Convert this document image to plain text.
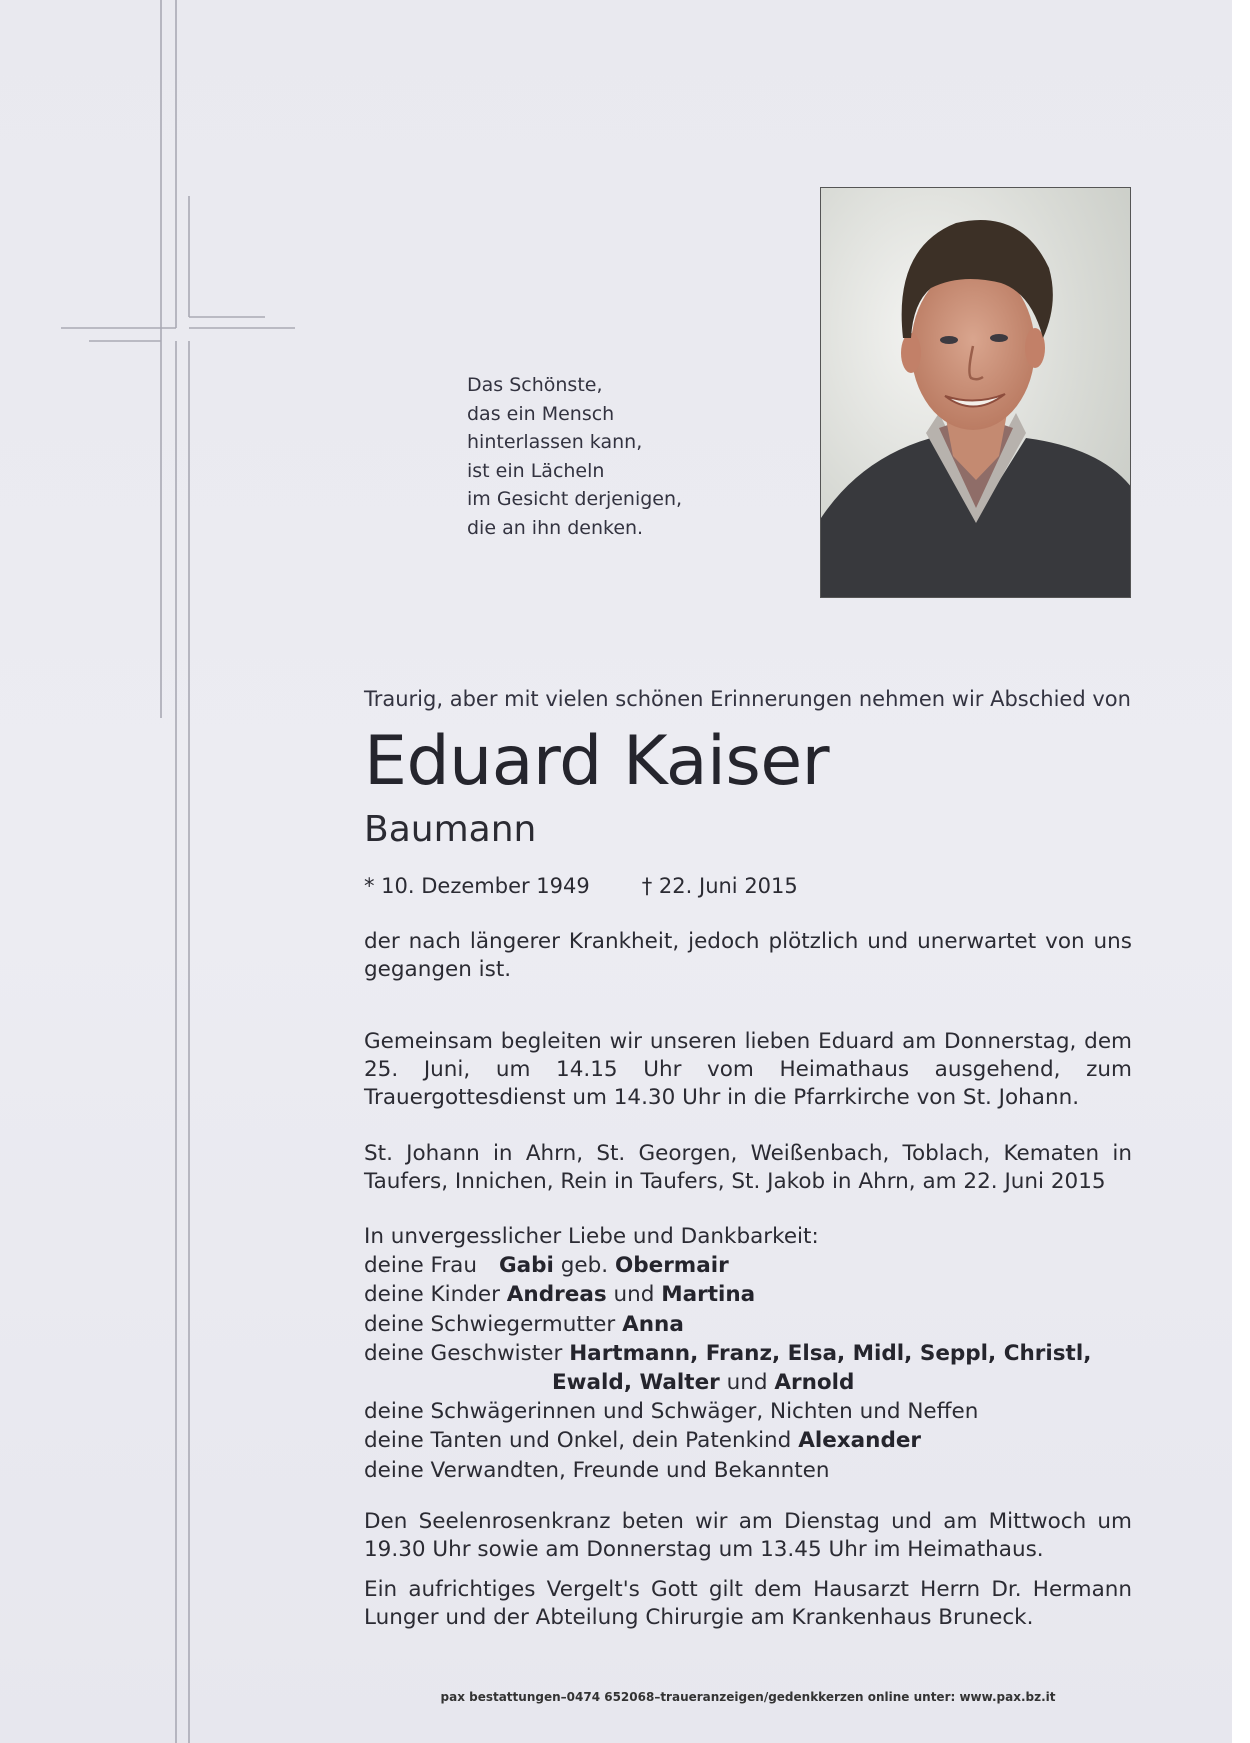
Das Schönste,
das ein Mensch
hinterlassen kann,
ist ein Lächeln
im Gesicht derjenigen,
die an ihn denken.
Traurig, aber mit vielen schönen Erinnerungen nehmen wir Abschied von
Eduard Kaiser
Baumann
* 10. Dezember 1949 † 22. Juni 2015
der nach längerer Krankheit, jedoch plötzlich und unerwartet von uns gegangen ist.
Gemeinsam begleiten wir unseren lieben Eduard am Donnerstag, dem 25. Juni, um 14.15 Uhr vom Heimathaus ausgehend, zum Trauergottesdienst um 14.30 Uhr in die Pfarrkirche von St. Johann.
St. Johann in Ahrn, St. Georgen, Weißenbach, Toblach, Kematen in Taufers, Innichen, Rein in Taufers, St. Jakob in Ahrn, am 22. Juni 2015
In unvergesslicher Liebe und Dankbarkeit:
deine Frau Gabi geb. Obermair
deine Kinder Andreas und Martina
deine Schwiegermutter Anna
deine Geschwister Hartmann, Franz, Elsa, Midl, Seppl, Christl,
Ewald, Walter und Arnold
deine Schwägerinnen und Schwäger, Nichten und Neffen
deine Tanten und Onkel, dein Patenkind Alexander
deine Verwandten, Freunde und Bekannten
Den Seelenrosenkranz beten wir am Dienstag und am Mittwoch um 19.30 Uhr sowie am Donnerstag um 13.45 Uhr im Heimathaus.
Ein aufrichtiges Vergelt's Gott gilt dem Hausarzt Herrn Dr. Hermann Lunger und der Abteilung Chirurgie am Krankenhaus Bruneck.
pax bestattungen–0474 652068–traueranzeigen/gedenkkerzen online unter: www.pax.bz.it
